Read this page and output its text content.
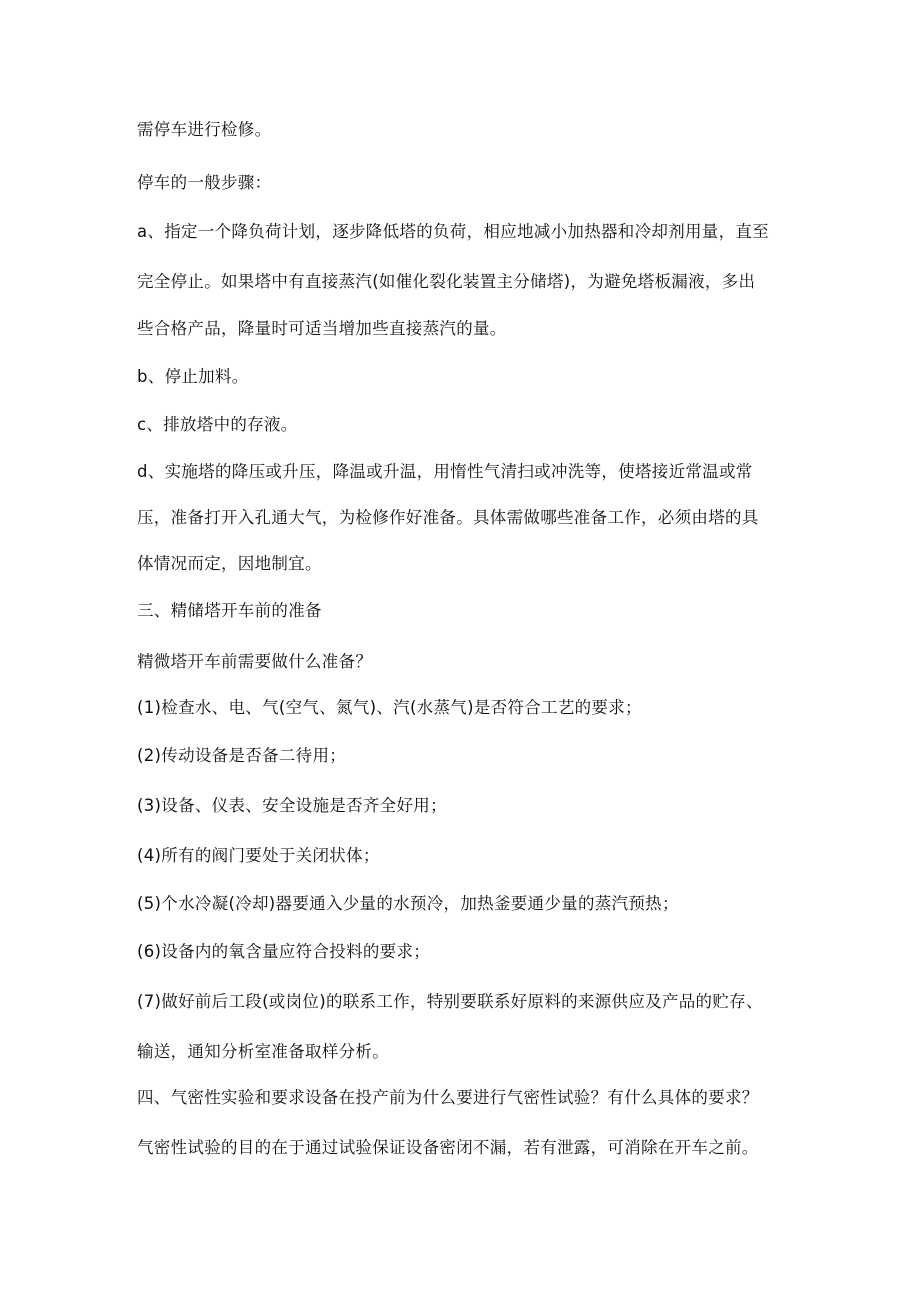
需停车进行检修。
停车的一般步骤：
a、指定一个降负荷计划，逐步降低塔的负荷，相应地减小加热器和冷却剂用量，直至
完全停止。如果塔中有直接蒸汽(如催化裂化装置主分储塔)，为避免塔板漏液，多出
些合格产品，降量时可适当增加些直接蒸汽的量。
b、停止加料。
c、排放塔中的存液。
d、实施塔的降压或升压，降温或升温，用惰性气清扫或冲洗等，使塔接近常温或常
压，准备打开入孔通大气，为检修作好准备。具体需做哪些准备工作，必须由塔的具
体情况而定，因地制宜。
三、精储塔开车前的准备
精微塔开车前需要做什么准备？
(1)检查水、电、气(空气、氮气)、汽(水蒸气)是否符合工艺的要求；
(2)传动设备是否备二待用；
(3)设备、仪表、安全设施是否齐全好用；
(4)所有的阀门要处于关闭状体；
(5)个水冷凝(冷却)器要通入少量的水预冷，加热釜要通少量的蒸汽预热；
(6)设备内的氧含量应符合投料的要求；
(7)做好前后工段(或岗位)的联系工作，特别要联系好原料的来源供应及产品的贮存、
输送，通知分析室准备取样分析。
四、气密性实验和要求设备在投产前为什么要进行气密性试验？有什么具体的要求？
气密性试验的目的在于通过试验保证设备密闭不漏，若有泄露，可消除在开车之前。
